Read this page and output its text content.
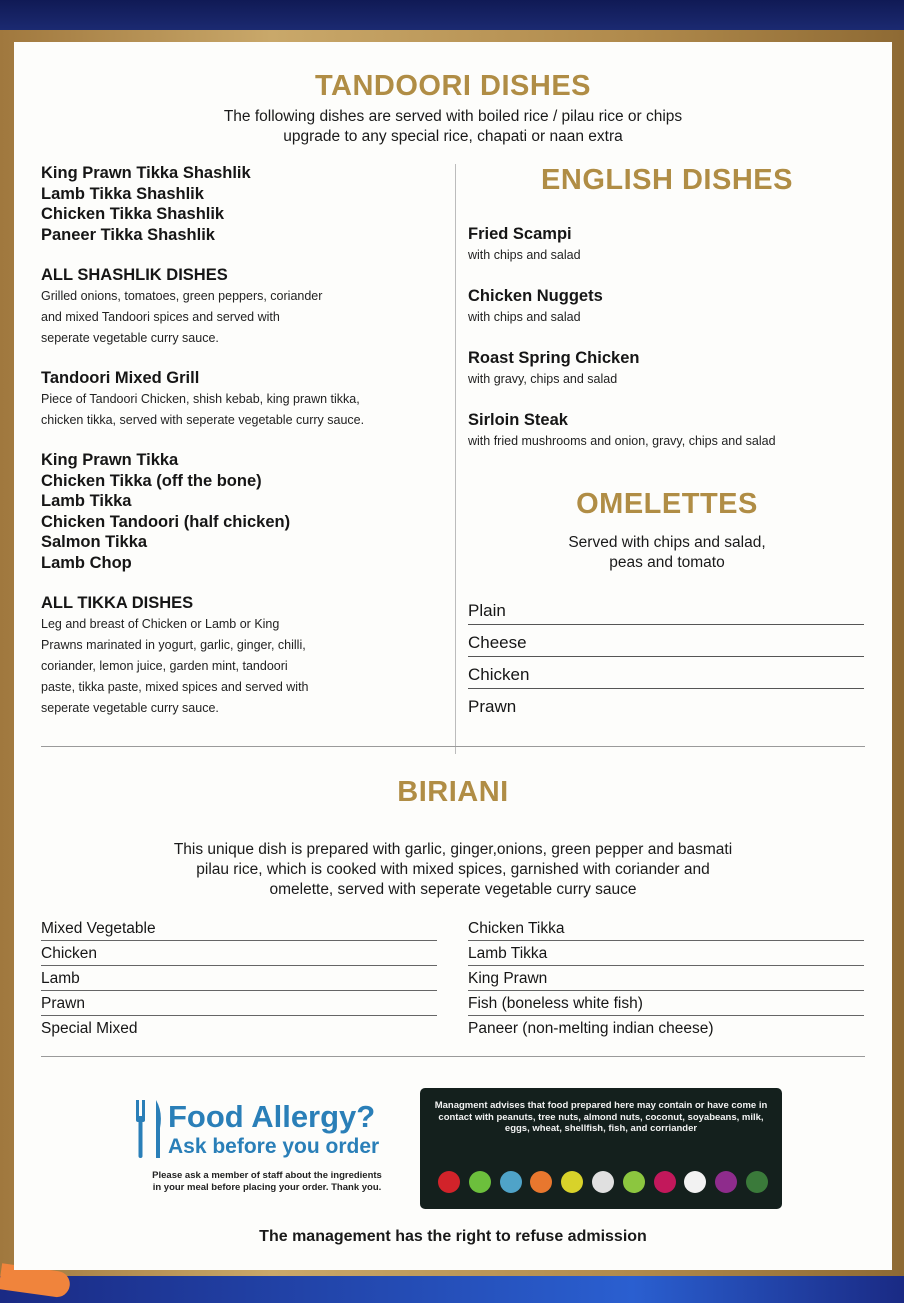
TANDOORI DISHES
The following dishes are served with boiled rice / pilau rice or chips
upgrade to any special rice, chapati or naan extra
King Prawn Tikka Shashlik
Lamb Tikka Shashlik
Chicken Tikka Shashlik
Paneer Tikka Shashlik
ALL SHASHLIK DISHES
Grilled onions, tomatoes, green peppers, coriander
and mixed Tandoori spices and served with
seperate vegetable curry sauce.
Tandoori Mixed Grill
Piece of Tandoori Chicken, shish kebab, king prawn tikka,
chicken tikka, served with seperate vegetable curry sauce.
King Prawn Tikka
Chicken Tikka (off the bone)
Lamb Tikka
Chicken Tandoori (half chicken)
Salmon Tikka
Lamb Chop
ALL TIKKA DISHES
Leg and breast of Chicken or Lamb or King
Prawns marinated in yogurt, garlic, ginger, chilli,
coriander, lemon juice, garden mint, tandoori
paste, tikka paste, mixed spices and served with
seperate vegetable curry sauce.
ENGLISH DISHES
Fried Scampi
with chips and salad
Chicken Nuggets
with chips and salad
Roast Spring Chicken
with gravy, chips and salad
Sirloin Steak
with fried mushrooms and onion, gravy, chips and salad
OMELETTES
Served with chips and salad,
peas and tomato
Plain
Cheese
Chicken
Prawn
BIRIANI
This unique dish is prepared with garlic, ginger,onions, green pepper and basmati
pilau rice, which is cooked with mixed spices, garnished with coriander and
omelette, served with seperate vegetable curry sauce
Mixed Vegetable
Chicken
Lamb
Prawn
Special Mixed
Chicken Tikka
Lamb Tikka
King Prawn
Fish (boneless white fish)
Paneer (non-melting indian cheese)
Food Allergy?
Ask before you order
Please ask a member of staff about the ingredients
in your meal before placing your order. Thank you.
Managment advises that food prepared here may contain or have come in contact with peanuts, tree nuts, almond nuts, coconut, soyabeans, milk, eggs, wheat, shellfish, fish, and corriander
The management has the right to refuse admission
